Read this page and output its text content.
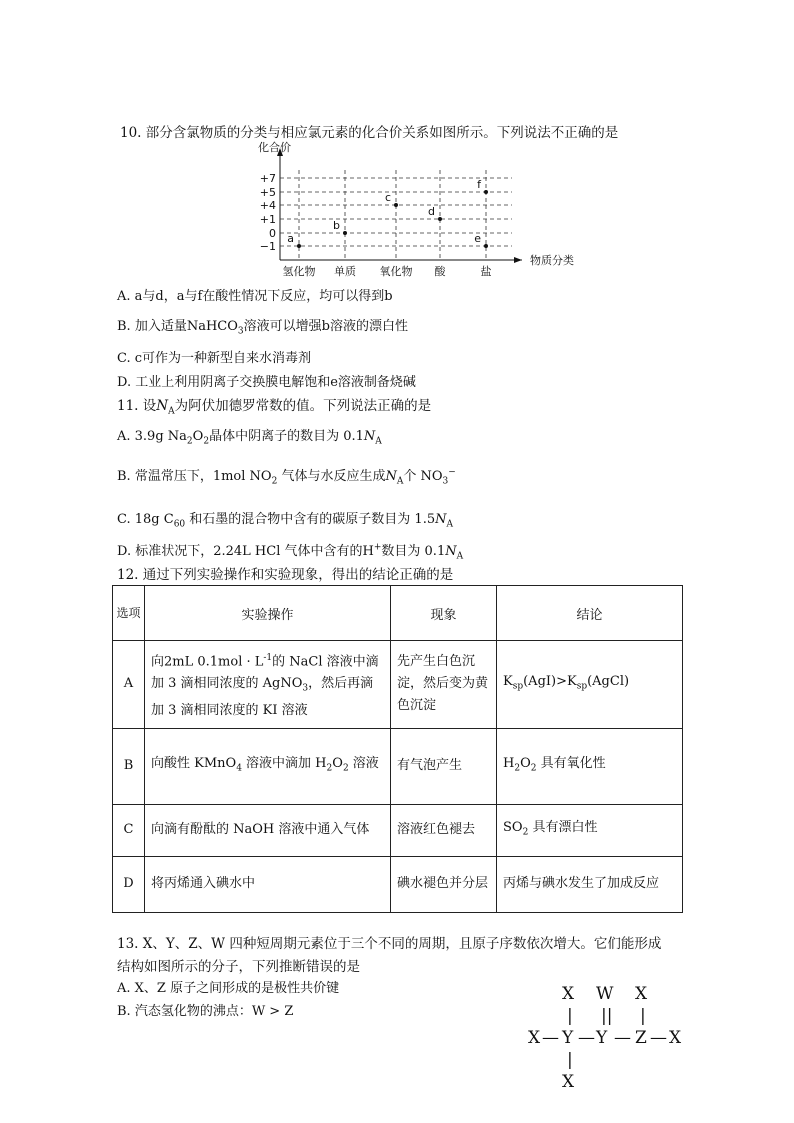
10. 部分含氯物质的分类与相应氯元素的化合价关系如图所示。下列说法不正确的是
化合价
物质分类
+7
+5
+4
+1
0
−1
氢化物 单质 氧化物 酸	盐
a
b
c
d
e
f
A. a与d，a与f在酸性情况下反应，均可以得到b
B. 加入适量NaHCO$_3$溶液可以增强b溶液的漂白性
C. c可作为一种新型自来水消毒剂
D. 工业上利用阴离子交换膜电解饱和e溶液制备烧碱
11. 设$N_A$为阿伏加德罗常数的值。下列说法正确的是
A. 3.9g $Na_2O_2$晶体中阴离子的数目为 $0.1N_A$
B. 常温常压下，1mol $NO_2$ 气体与水反应生成$N_A$个 $NO_3^-$
C. 18g $C_{60}$ 和石墨的混合物中含有的碳原子数目为 $1.5N_A$
D. 标准状况下，2.24L HCl 气体中含有的H+数目为 $0.1N_A$
12. 通过下列实验操作和实验现象，得出的结论正确的是
选项	实验操作	现象	结论
A	向2mL $0.1mol \cdot L^{-1}$的 NaCl 溶液中滴加 3 滴相同浓度的 AgNO$_3$，然后再滴加 3 滴相同浓度的 KI 溶液	先产生白色沉淀，然后变为黄色沉淀	$K_{sp}(AgI)>K_{sp}(AgCl)$
B	向酸性 KMnO$_4$ 溶液中滴加 $H_2O_2$ 溶液	有气泡产生	$H_2O_2$ 具有氧化性
C	向滴有酚酞的 NaOH 溶液中通入气体	溶液红色褪去	$SO_2$ 具有漂白性
D	将丙烯通入碘水中	碘水褪色并分层	丙烯与碘水发生了加成反应
13. X、Y、Z、W 四种短周期元素位于三个不同的周期，且原子序数依次增大。它们能形成
结构如图所示的分子，下列推断错误的是
A. X、Z 原子之间形成的是极性共价键
B. 汽态氢化物的沸点：W > Z
X W X
| || |
X — Y — Y — Z — X
|
X
